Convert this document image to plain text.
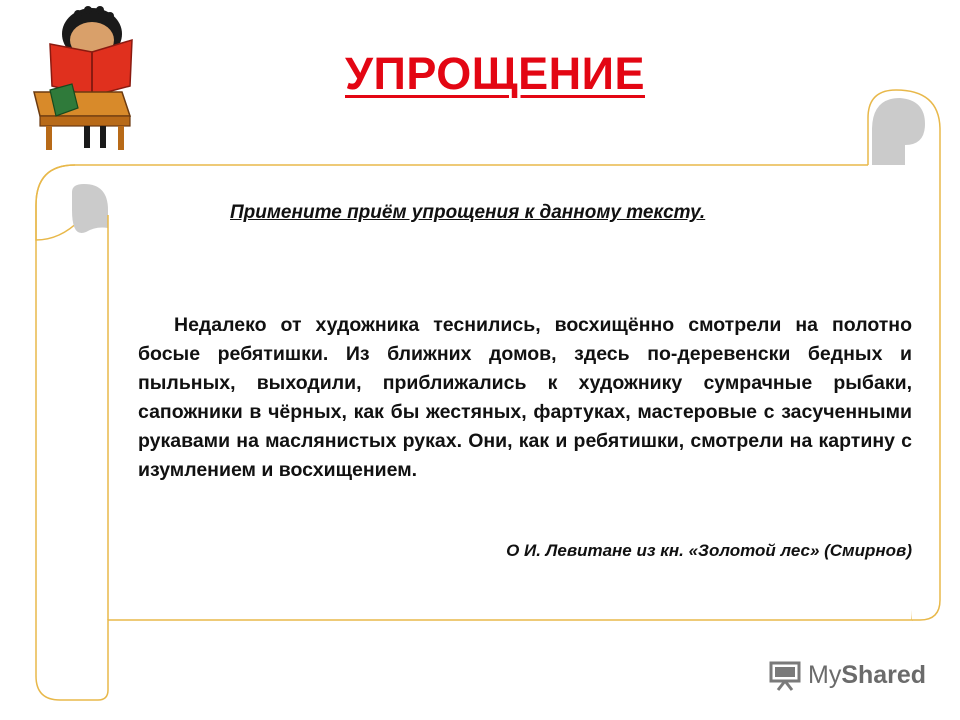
УПРОЩЕНИЕ
Примените приём упрощения к данному тексту.
Недалеко от художника теснились, восхищённо смотрели на полотно босые ребятишки. Из ближних домов, здесь по-деревенски бедных и пыльных, выходили, приближались к художнику сумрачные рыбаки, сапожники в чёрных, как бы жестяных, фартуках, мастеровые с засученными рукавами на маслянистых руках. Они, как и ребятишки, смотрели на картину с изумлением и восхищением.
О И. Левитане из кн. «Золотой лес» (Смирнов)
MyShared
